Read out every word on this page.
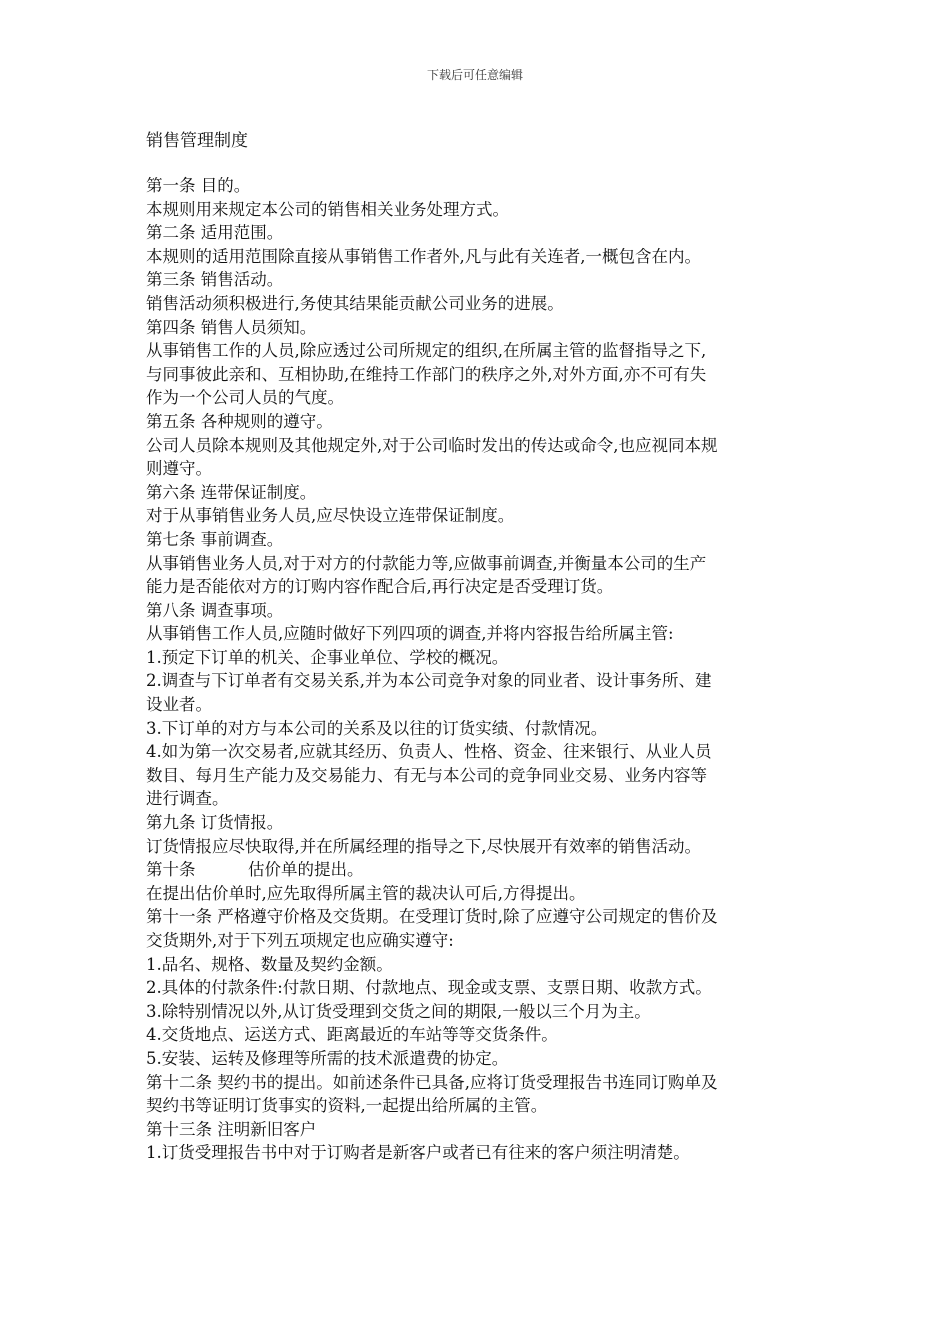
下载后可任意编辑
销售管理制度
第一条 目的。
本规则用来规定本公司的销售相关业务处理方式。
第二条 适用范围。
本规则的适用范围除直接从事销售工作者外,凡与此有关连者,一概包含在内。
第三条 销售活动。
销售活动须积极进行,务使其结果能贡献公司业务的进展。
第四条 销售人员须知。
从事销售工作的人员,除应透过公司所规定的组织,在所属主管的监督指导之下,
与同事彼此亲和、互相协助,在维持工作部门的秩序之外,对外方面,亦不可有失
作为一个公司人员的气度。
第五条 各种规则的遵守。
公司人员除本规则及其他规定外,对于公司临时发出的传达或命令,也应视同本规
则遵守。
第六条 连带保证制度。
对于从事销售业务人员,应尽快设立连带保证制度。
第七条 事前调查。
从事销售业务人员,对于对方的付款能力等,应做事前调查,并衡量本公司的生产
能力是否能依对方的订购内容作配合后,再行决定是否受理订货。
第八条 调查事项。
从事销售工作人员,应随时做好下列四项的调查,并将内容报告给所属主管:
1.预定下订单的机关、企事业单位、学校的概况。
2.调查与下订单者有交易关系,并为本公司竞争对象的同业者、设计事务所、建
设业者。
3.下订单的对方与本公司的关系及以往的订货实绩、付款情况。
4.如为第一次交易者,应就其经历、负责人、性格、资金、往来银行、从业人员
数目、每月生产能力及交易能力、有无与本公司的竞争同业交易、业务内容等
进行调查。
第九条 订货情报。
订货情报应尽快取得,并在所属经理的指导之下,尽快展开有效率的销售活动。
第十条          估价单的提出。
在提出估价单时,应先取得所属主管的裁决认可后,方得提出。
第十一条 严格遵守价格及交货期。在受理订货时,除了应遵守公司规定的售价及
交货期外,对于下列五项规定也应确实遵守:
1.品名、规格、数量及契约金额。
2.具体的付款条件:付款日期、付款地点、现金或支票、支票日期、收款方式。
3.除特别情况以外,从订货受理到交货之间的期限,一般以三个月为主。
4.交货地点、运送方式、距离最近的车站等等交货条件。
5.安装、运转及修理等所需的技术派遣费的协定。
第十二条 契约书的提出。如前述条件已具备,应将订货受理报告书连同订购单及
契约书等证明订货事实的资料,一起提出给所属的主管。
第十三条 注明新旧客户
1.订货受理报告书中对于订购者是新客户或者已有往来的客户须注明清楚。
